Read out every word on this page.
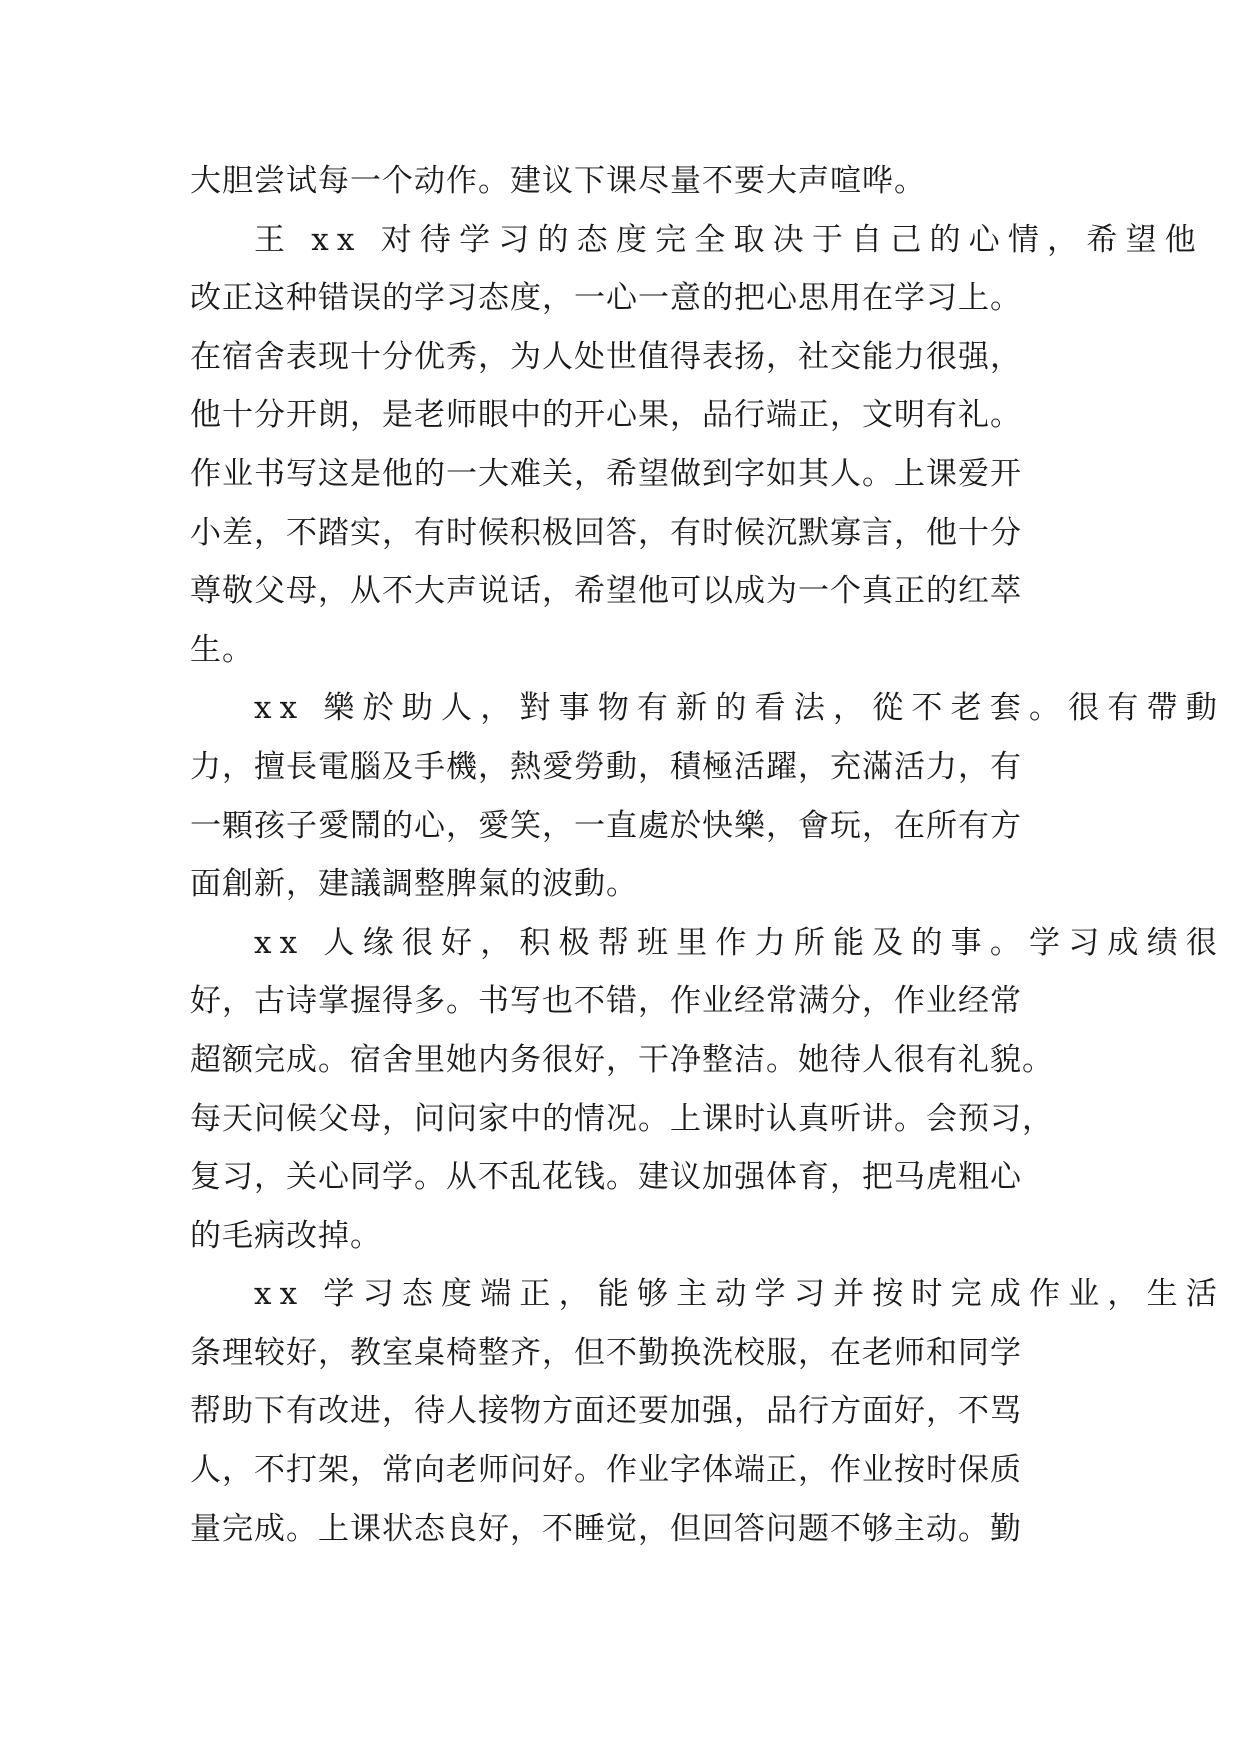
大胆尝试每一个动作。建议下课尽量不要大声喧哗。
王 xx 对待学习的态度完全取决于自己的心情，希望他
改正这种错误的学习态度，一心一意的把心思用在学习上。
在宿舍表现十分优秀，为人处世值得表扬，社交能力很强，
他十分开朗，是老师眼中的开心果，品行端正，文明有礼。
作业书写这是他的一大难关，希望做到字如其人。上课爱开
小差，不踏实，有时候积极回答，有时候沉默寡言，他十分
尊敬父母，从不大声说话，希望他可以成为一个真正的红萃
生。
xx 樂於助人，對事物有新的看法，從不老套。很有帶動
力，擅長電腦及手機，熱愛勞動，積極活躍，充滿活力，有
一顆孩子愛鬧的心，愛笑，一直處於快樂，會玩，在所有方
面創新，建議調整脾氣的波動。
xx 人缘很好，积极帮班里作力所能及的事。学习成绩很
好，古诗掌握得多。书写也不错，作业经常满分，作业经常
超额完成。宿舍里她内务很好，干净整洁。她待人很有礼貌。
每天问候父母，问问家中的情况。上课时认真听讲。会预习，
复习，关心同学。从不乱花钱。建议加强体育，把马虎粗心
的毛病改掉。
xx 学习态度端正，能够主动学习并按时完成作业，生活
条理较好，教室桌椅整齐，但不勤换洗校服，在老师和同学
帮助下有改进，待人接物方面还要加强，品行方面好，不骂
人，不打架，常向老师问好。作业字体端正，作业按时保质
量完成。上课状态良好，不睡觉，但回答问题不够主动。勤
